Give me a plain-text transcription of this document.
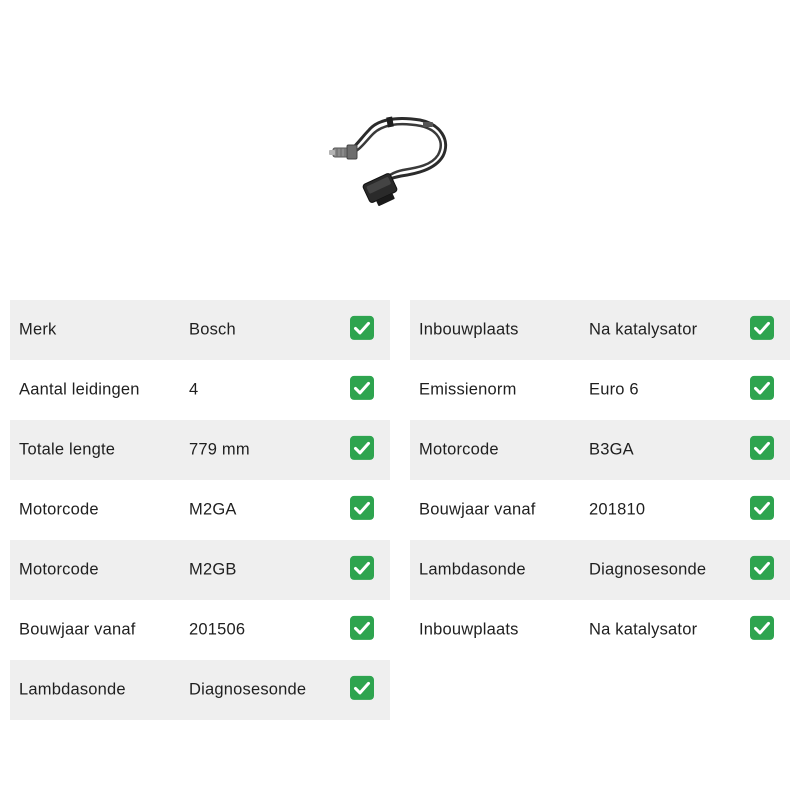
Merk	Bosch
Aantal leidingen	4
Totale lengte	779 mm
Motorcode	M2GA
Motorcode	M2GB
Bouwjaar vanaf	201506
Lambdasonde	Diagnosesonde
Inbouwplaats	Na katalysator
Emissienorm	Euro 6
Motorcode	B3GA
Bouwjaar vanaf	201810
Lambdasonde	Diagnosesonde
Inbouwplaats	Na katalysator
